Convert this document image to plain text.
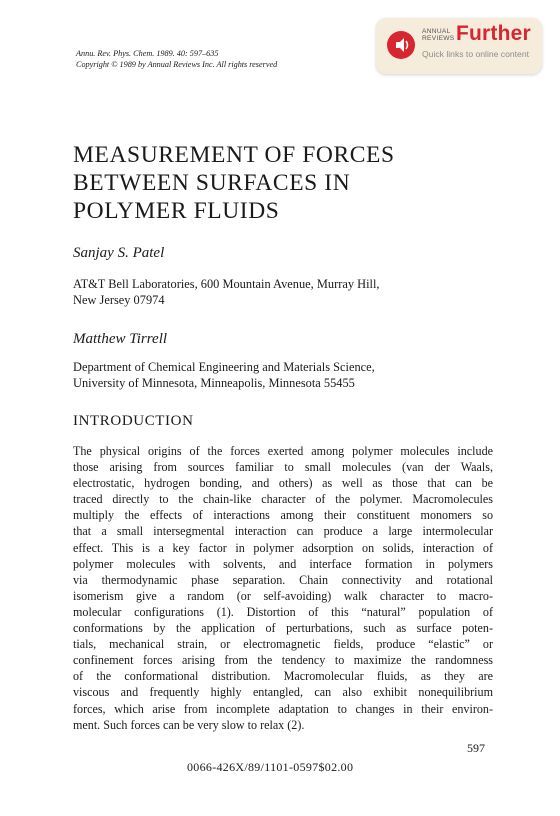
Annu. Rev. Phys. Chem. 1989. 40: 597–635
Copyright © 1989 by Annual Reviews Inc. All rights reserved
ANNUAL
REVIEWS Further
Quick links to online content
MEASUREMENT OF FORCES
BETWEEN SURFACES IN
POLYMER FLUIDS
Sanjay S. Patel
AT&T Bell Laboratories, 600 Mountain Avenue, Murray Hill,
New Jersey 07974
Matthew Tirrell
Department of Chemical Engineering and Materials Science,
University of Minnesota, Minneapolis, Minnesota 55455
INTRODUCTION
The physical origins of the forces exerted among polymer molecules include
those arising from sources familiar to small molecules (van der Waals,
electrostatic, hydrogen bonding, and others) as well as those that can be
traced directly to the chain-like character of the polymer. Macromolecules
multiply the effects of interactions among their constituent monomers so
that a small intersegmental interaction can produce a large intermolecular
effect. This is a key factor in polymer adsorption on solids, interaction of
polymer molecules with solvents, and interface formation in polymers
via thermodynamic phase separation. Chain connectivity and rotational
isomerism give a random (or self-avoiding) walk character to macro-
molecular configurations (1). Distortion of this “natural” population of
conformations by the application of perturbations, such as surface poten-
tials, mechanical strain, or electromagnetic fields, produce “elastic” or
confinement forces arising from the tendency to maximize the randomness
of the conformational distribution. Macromolecular fluids, as they are
viscous and frequently highly entangled, can also exhibit nonequilibrium
forces, which arise from incomplete adaptation to changes in their environ-
ment. Such forces can be very slow to relax (2).
597
0066-426X/89/1101-0597$02.00
